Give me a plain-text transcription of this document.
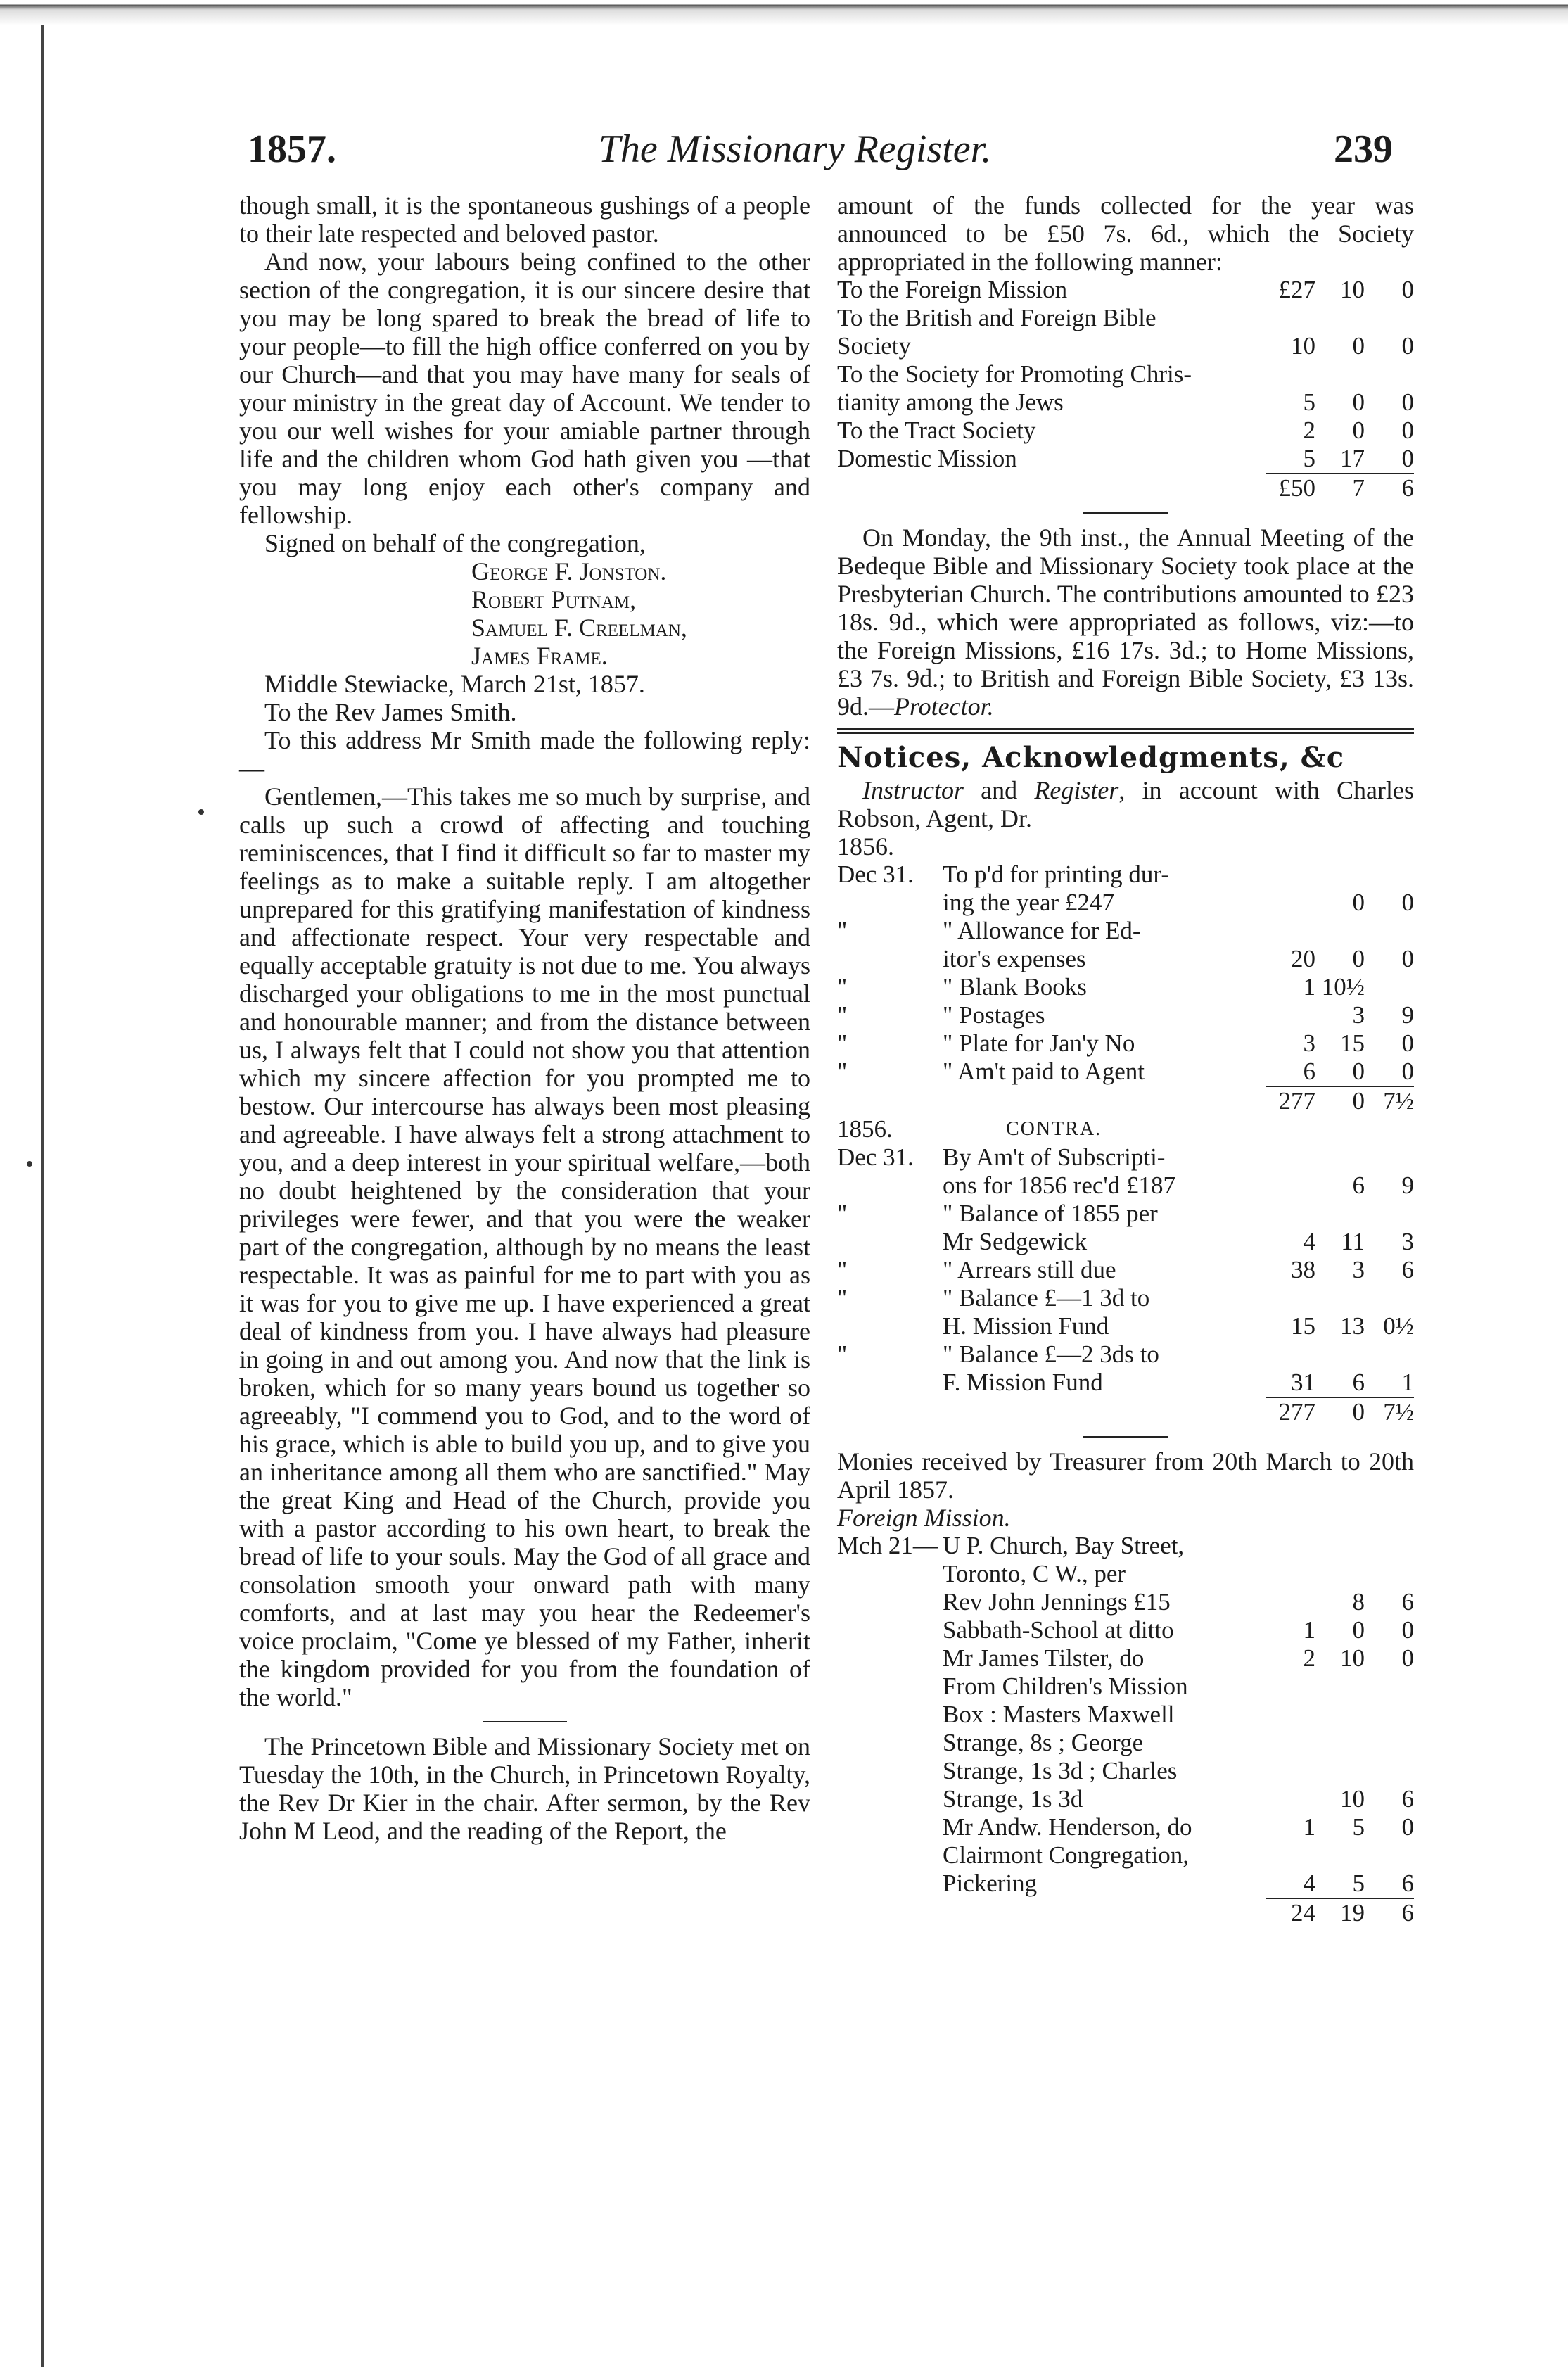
The Missionary Register.
1857.	239

though small, it is the spontaneous gushings of a people to their late respected and beloved pastor.

And now, your labours being confined to the other section of the congregation, it is our sincere desire that you may be long spared to break the bread of life to your people—to fill the high office conferred on you by our Church—and that you may have many for seals of your ministry in the great day of Account. We tender to you our well wishes for your amiable partner through life and the children whom God hath given you —that you may long enjoy each other's company and fellowship.

Signed on behalf of the congregation,

George F. Jonston.

Robert Putnam,

Samuel F. Creelman,

James Frame.

Middle Stewiacke, March 21st, 1857.

To the Rev James Smith.

To this address Mr Smith made the following reply:—

Gentlemen,—This takes me so much by surprise, and calls up such a crowd of affecting and touching reminiscences, that I find it difficult so far to master my feelings as to make a suitable reply. I am altogether unprepared for this gratifying manifestation of kindness and affectionate respect. Your very respectable and equally acceptable gratuity is not due to me. You always discharged your obligations to me in the most punctual and honourable manner; and from the distance between us, I always felt that I could not show you that attention which my sincere affection for you prompted me to bestow. Our intercourse has always been most pleasing and agreeable. I have always felt a strong attachment to you, and a deep interest in your spiritual welfare,—both no doubt heightened by the consideration that your privileges were fewer, and that you were the weaker part of the congregation, although by no means the least respectable. It was as painful for me to part with you as it was for you to give me up. I have experienced a great deal of kindness from you. I have always had pleasure in going in and out among you. And now that the link is broken, which for so many years bound us together so agreeably, "I commend you to God, and to the word of his grace, which is able to build you up, and to give you an inheritance among all them who are sanctified." May the great King and Head of the Church, provide you with a pastor according to his own heart, to break the bread of life to your souls. May the God of all grace and consolation smooth your onward path with many comforts, and at last may you hear the Redeemer's voice proclaim, "Come ye blessed of my Father, inherit the kingdom provided for you from the foundation of the world."

The Princetown Bible and Missionary Society met on Tuesday the 10th, in the Church, in Princetown Royalty, the Rev Dr Kier in the chair. After sermon, by the Rev John M Leod, and the reading of the Report, the

amount of the funds collected for the year was announced to be £50 7s. 6d., which the Society appropriated in the following manner:

To the Foreign Mission	£27	10	0
To the British and Foreign Bible			
Society	10	0	0
To the Society for Promoting Chris-			
tianity among the Jews	5	0	0
To the Tract Society	2	0	0
Domestic Mission	5	17	0
	£50	7	6

On Monday, the 9th inst., the Annual Meeting of the Bedeque Bible and Missionary Society took place at the Presbyterian Church. The contributions amounted to £23 18s. 9d., which were appropriated as follows, viz:—to the Foreign Missions, £16 17s. 3d.; to Home Missions, £3 7s. 9d.; to British and Foreign Bible Society, £3 13s. 9d.—Protector.

Notices, Acknowledgments, &c

Instructor and Register, in account with Charles Robson, Agent, Dr.

1856.

Dec 31.	To p'd for printing dur-			
	ing the year £247		0	0
"	" Allowance for Ed-			
	itor's expenses	20	0	0
"	" Blank Books	1	10½	
"	" Postages		3	9
"	" Plate for Jan'y No	3	15	0
"	" Am't paid to Agent	6	0	0
		277	0	7½
1856.	CONTRA.
Dec 31.	By Am't of Subscripti-			
	ons for 1856 rec'd £187		6	9
"	" Balance of 1855 per			
	Mr Sedgewick	4	11	3
"	" Arrears still due	38	3	6
"	" Balance £—1 3d to			
	H. Mission Fund	15	13	0½
"	" Balance £—2 3ds to			
	F. Mission Fund	31	6	1
		277	0	7½

Monies received by Treasurer from 20th March to 20th April 1857.

Foreign Mission.

Mch 21—	U P. Church, Bay Street,			
	Toronto, C W., per			
	Rev John Jennings £15		8	6
	Sabbath-School at ditto	1	0	0
	Mr James Tilster, do	2	10	0
	From Children's Mission			
	Box : Masters Maxwell			
	Strange, 8s ; George			
	Strange, 1s 3d ; Charles			
	Strange, 1s 3d		10	6
	Mr Andw. Henderson, do	1	5	0
	Clairmont Congregation,			
	Pickering	4	5	6
		24	19	6
